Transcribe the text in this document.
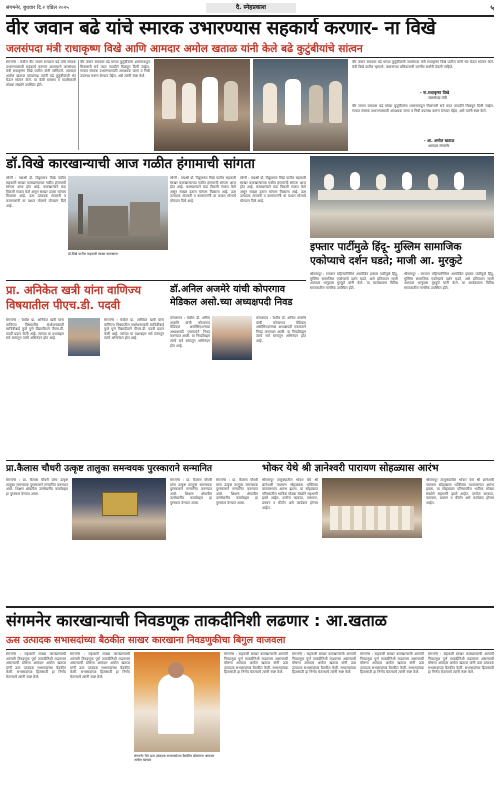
संगमनेर, बुधवार दि.२ एप्रिल २०२५	दै. स्नेहप्रकाश	५
वीर जवान बढे यांचे स्मारक उभारण्यास सहकार्य करणार- ना विखे
जलसंपदा मंत्री राधाकृष्ण विखे आणि आमदार अमोल खताळ यांनी केले बढे कुटुंबीयांचे सांत्वन
संगमनेर : येथील वीर जवान रामदास बढे यांचे स्मारक उभारण्यासाठी सहकार्य करणार असल्याचे जलसंपदा मंत्री राधाकृष्ण विखे पाटील यांनी सांगितले. आमदार अमोल खताळ यांच्यासह त्यांनी बढे कुटुंबीयांची भेट घेऊन सांत्वन केले. या वेळी ग्रामस्थ व पदाधिकारी मोठ्या संख्येने उपस्थित होते.
वीर जवान रामदास बढे यांच्या कुटुंबीयांना शासनाकडून मिळणारी सर्व मदत तातडीने मिळवून दिली जाईल. गावात स्मारक उभारण्यासाठी आवश्यक जागा व निधी उपलब्ध करून देण्यात येईल, असे त्यांनी स्पष्ट केले.
वीर जवान रामदास बढे यांच्या कुटुंबीयांची जलसंपदा मंत्री राधाकृष्ण विखे पाटील यांनी भेट घेऊन सांत्वन केले. मंत्री विखे पाटील म्हणाले, जवानांच्या बलिदानाची जाणीव सर्वांनी ठेवली पाहिजे.
- ना.राधाकृष्ण विखे
जलसंपदा मंत्री
वीर जवान रामदास बढे यांच्या कुटुंबीयांना शासनाकडून मिळणारी सर्व मदत तातडीने मिळवून दिली जाईल. गावात स्मारक उभारण्यासाठी आवश्यक जागा व निधी उपलब्ध करून देण्यात येईल, असे त्यांनी स्पष्ट केले.
- आ. अमोल खताळ
आमदार संगमनेर
डॉ.विखे कारखान्याची आज गळीत हंगामाची सांगता
लोणी : पद्मश्री डॉ. विठ्ठलराव विखे पाटील सहकारी साखर कारखान्याच्या गळीत हंगामाची सांगता आज होत आहे. कारखान्याने यंदा विक्रमी गाळप केले असून साखर उतारा चांगला मिळाला आहे. ऊस उत्पादक शेतकरी व कामगारांनी या यशात मोलाचे योगदान दिले आहे.
डॉ.विखे पाटील सहकारी साखर कारखाना
लोणी : पद्मश्री डॉ. विठ्ठलराव विखे पाटील सहकारी साखर कारखान्याच्या गळीत हंगामाची सांगता आज होत आहे. कारखान्याने यंदा विक्रमी गाळप केले असून साखर उतारा चांगला मिळाला आहे. ऊस उत्पादक शेतकरी व कामगारांनी या यशात मोलाचे योगदान दिले आहे.
लोणी : पद्मश्री डॉ. विठ्ठलराव विखे पाटील सहकारी साखर कारखान्याच्या गळीत हंगामाची सांगता आज होत आहे. कारखान्याने यंदा विक्रमी गाळप केले असून साखर उतारा चांगला मिळाला आहे. ऊस उत्पादक शेतकरी व कामगारांनी या यशात मोलाचे योगदान दिले आहे.
इफ्तार पार्टीमुळे हिंदू- मुस्लिम सामाजिक एकोप्याचे दर्शन घडते; माजी आ. मुरकुटे
श्रीरामपूर : रमजान महिन्यानिमित्त आयोजित इफ्तार पार्टीमुळे हिंदू-मुस्लिम सामाजिक एकोप्याचे दर्शन घडते, असे प्रतिपादन माजी आमदार भानुदास मुरकुटे यांनी केले. या कार्यक्रमास विविध समाजातील नागरिक उपस्थित होते.
श्रीरामपूर : रमजान महिन्यानिमित्त आयोजित इफ्तार पार्टीमुळे हिंदू-मुस्लिम सामाजिक एकोप्याचे दर्शन घडते, असे प्रतिपादन माजी आमदार भानुदास मुरकुटे यांनी केले. या कार्यक्रमास विविध समाजातील नागरिक उपस्थित होते.
प्रा. अनिकेत खत्री यांना वाणिज्य विषयातील पीएच.डी. पदवी
संगमनेर : येथील प्रा. अनिकेत खत्री यांना वाणिज्य विषयातील संशोधनासाठी सावित्रीबाई फुले पुणे विद्यापीठाने पीएच.डी. पदवी प्रदान केली आहे. त्यांच्या या यशाबद्दल सर्व स्तरातून त्यांचे अभिनंदन होत आहे.
संगमनेर : येथील प्रा. अनिकेत खत्री यांना वाणिज्य विषयातील संशोधनासाठी सावित्रीबाई फुले पुणे विद्यापीठाने पीएच.डी. पदवी प्रदान केली आहे. त्यांच्या या यशाबद्दल सर्व स्तरातून त्यांचे अभिनंदन होत आहे.
डॉ.अनिल अजमेरे यांची कोपरगाव मेडिकल असो.च्या अध्यक्षपदी निवड
कोपरगाव : येथील डॉ. अनिल अजमेरे यांची कोपरगाव मेडिकल असोसिएशनच्या अध्यक्षपदी एकमताने निवड करण्यात आली. या निवडीबद्दल त्यांचे सर्व स्तरातून अभिनंदन होत आहे.
कोपरगाव : येथील डॉ. अनिल अजमेरे यांची कोपरगाव मेडिकल असोसिएशनच्या अध्यक्षपदी एकमताने निवड करण्यात आली. या निवडीबद्दल त्यांचे सर्व स्तरातून अभिनंदन होत आहे.
प्रा.कैलास चौधरी उत्कृष्ट तालुका समन्वयक पुरस्काराने सन्मानित
संगमनेर : प्रा. कैलास चौधरी यांना उत्कृष्ट तालुका समन्वयक पुरस्काराने सन्मानित करण्यात आले. शिक्षण क्षेत्रातील उल्लेखनीय कार्याबद्दल हा पुरस्कार देण्यात आला.
संगमनेर : प्रा. कैलास चौधरी यांना उत्कृष्ट तालुका समन्वयक पुरस्काराने सन्मानित करण्यात आले. शिक्षण क्षेत्रातील उल्लेखनीय कार्याबद्दल हा पुरस्कार देण्यात आला.
संगमनेर : प्रा. कैलास चौधरी यांना उत्कृष्ट तालुका समन्वयक पुरस्काराने सन्मानित करण्यात आले. शिक्षण क्षेत्रातील उल्लेखनीय कार्याबद्दल हा पुरस्कार देण्यात आला.
भोकर येथे श्री ज्ञानेश्वरी पारायण सोहळ्यास आरंभ
श्रीरामपूर तालुक्यातील भोकर येथे श्री ज्ञानेश्वरी पारायण सोहळ्यास भक्तिमय वातावरणात आरंभ झाला. या सोहळ्यात परिसरातील भाविक मोठ्या संख्येने सहभागी झाले आहेत. दररोज काकडा, पारायण, प्रवचन व कीर्तन असे कार्यक्रम होणार आहेत.
श्रीरामपूर तालुक्यातील भोकर येथे श्री ज्ञानेश्वरी पारायण सोहळ्यास भक्तिमय वातावरणात आरंभ झाला. या सोहळ्यात परिसरातील भाविक मोठ्या संख्येने सहभागी झाले आहेत. दररोज काकडा, पारायण, प्रवचन व कीर्तन असे कार्यक्रम होणार आहेत.
संगमनेर कारखान्याची निवडणूक ताकदीनिशी लढणार : आ.खताळ
ऊस उत्पादक सभासदांच्या बैठकीत साखर कारखाना निवडणुकीचा बिगुल वाजवला
संगमनेर : सहकारी साखर कारखान्याची आगामी निवडणूक पूर्ण ताकदीनिशी लढवणार असल्याची घोषणा आमदार अमोल खताळ यांनी ऊस उत्पादक सभासदांच्या बैठकीत केली. सभासदांच्या हितासाठी हा निर्णय घेतल्याचे त्यांनी स्पष्ट केले.
संगमनेर : सहकारी साखर कारखान्याची आगामी निवडणूक पूर्ण ताकदीनिशी लढवणार असल्याची घोषणा आमदार अमोल खताळ यांनी ऊस उत्पादक सभासदांच्या बैठकीत केली. सभासदांच्या हितासाठी हा निर्णय घेतल्याचे त्यांनी स्पष्ट केले.
संगमनेर येथे ऊस उत्पादक सभासदांच्या बैठकीत बोलताना आमदार अमोल खताळ
संगमनेर : सहकारी साखर कारखान्याची आगामी निवडणूक पूर्ण ताकदीनिशी लढवणार असल्याची घोषणा आमदार अमोल खताळ यांनी ऊस उत्पादक सभासदांच्या बैठकीत केली. सभासदांच्या हितासाठी हा निर्णय घेतल्याचे त्यांनी स्पष्ट केले.
संगमनेर : सहकारी साखर कारखान्याची आगामी निवडणूक पूर्ण ताकदीनिशी लढवणार असल्याची घोषणा आमदार अमोल खताळ यांनी ऊस उत्पादक सभासदांच्या बैठकीत केली. सभासदांच्या हितासाठी हा निर्णय घेतल्याचे त्यांनी स्पष्ट केले.
संगमनेर : सहकारी साखर कारखान्याची आगामी निवडणूक पूर्ण ताकदीनिशी लढवणार असल्याची घोषणा आमदार अमोल खताळ यांनी ऊस उत्पादक सभासदांच्या बैठकीत केली. सभासदांच्या हितासाठी हा निर्णय घेतल्याचे त्यांनी स्पष्ट केले.
संगमनेर : सहकारी साखर कारखान्याची आगामी निवडणूक पूर्ण ताकदीनिशी लढवणार असल्याची घोषणा आमदार अमोल खताळ यांनी ऊस उत्पादक सभासदांच्या बैठकीत केली. सभासदांच्या हितासाठी हा निर्णय घेतल्याचे त्यांनी स्पष्ट केले.
